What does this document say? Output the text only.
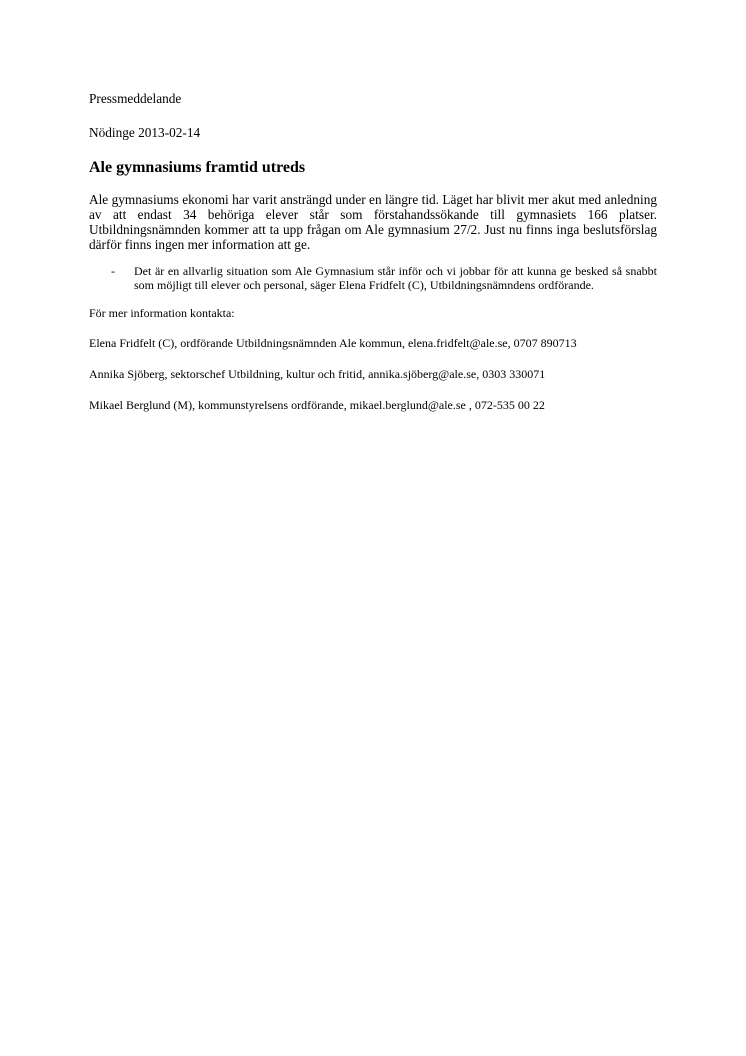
Pressmeddelande

Nödinge 2013-02-14

Ale gymnasiums framtid utreds

Ale gymnasiums ekonomi har varit ansträngd under en längre tid. Läget har blivit mer akut med anledning av att endast 34 behöriga elever står som förstahandssökande till gymnasiets 166 platser. Utbildningsnämnden kommer att ta upp frågan om Ale gymnasium 27/2. Just nu finns inga beslutsförslag därför finns ingen mer information att ge.

-	Det är en allvarlig situation som Ale Gymnasium står inför och vi jobbar för att kunna ge besked så snabbt som möjligt till elever och personal, säger Elena Fridfelt (C), Utbildningsnämndens ordförande.

För mer information kontakta:

Elena Fridfelt (C), ordförande Utbildningsnämnden Ale kommun, elena.fridfelt@ale.se, 0707 890713

Annika Sjöberg, sektorschef Utbildning, kultur och fritid, annika.sjöberg@ale.se, 0303 330071

Mikael Berglund (M), kommunstyrelsens ordförande, mikael.berglund@ale.se , 072-535 00 22
